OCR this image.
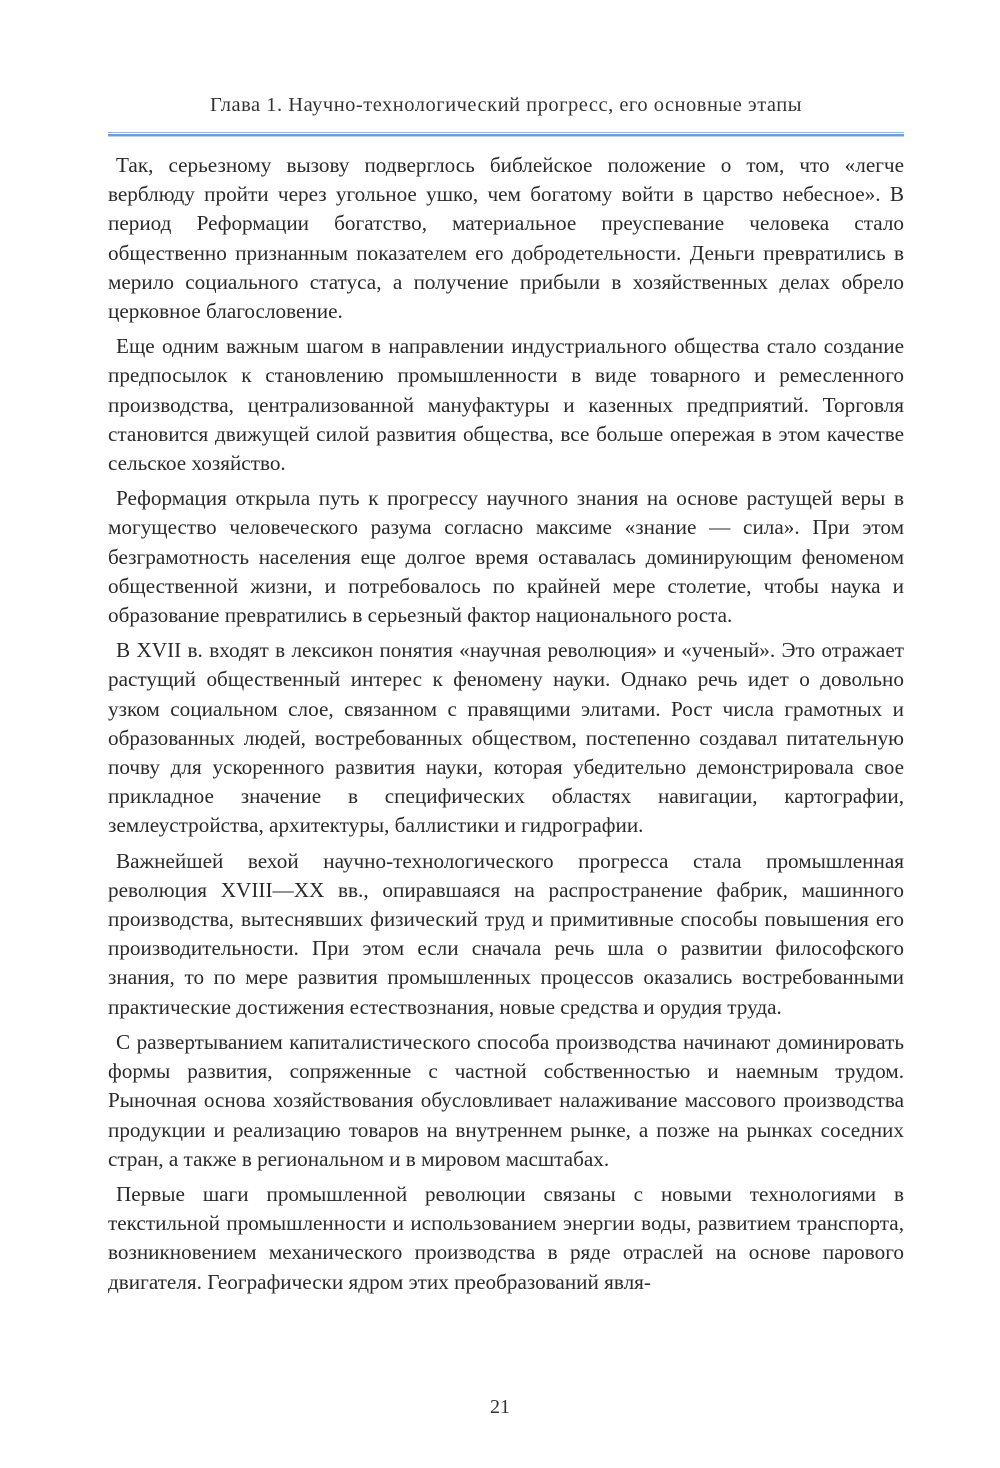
Глава 1. Научно-технологический прогресс, его основные этапы

Так, серьезному вызову подверглось библейское положение о том, что «легче верблюду пройти через угольное ушко, чем богатому войти в царство небесное». В период Реформации богатство, материальное преуспевание человека стало общественно признанным показателем его добродетельности. Деньги превратились в мерило социального статуса, а получение прибыли в хозяйственных делах обрело церковное благословение.

Еще одним важным шагом в направлении индустриального общества стало создание предпосылок к становлению промышленности в виде товарного и ремесленного производства, централизованной мануфактуры и казенных предприятий. Торговля становится движущей силой развития общества, все больше опережая в этом качестве сельское хозяйство.

Реформация открыла путь к прогрессу научного знания на основе растущей веры в могущество человеческого разума согласно максиме «знание — сила». При этом безграмотность населения еще долгое время оставалась доминирующим феноменом общественной жизни, и потребовалось по крайней мере столетие, чтобы наука и образование превратились в серьезный фактор национального роста.

В XVII в. входят в лексикон понятия «научная революция» и «ученый». Это отражает растущий общественный интерес к феномену науки. Однако речь идет о довольно узком социальном слое, связанном с правящими элитами. Рост числа грамотных и образованных людей, востребованных обществом, постепенно создавал питательную почву для ускоренного развития науки, которая убедительно демонстрировала свое прикладное значение в специфических областях навигации, картографии, землеустройства, архитектуры, баллистики и гидрографии.

Важнейшей вехой научно-технологического прогресса стала промышленная революция XVIII—XX вв., опиравшаяся на распространение фабрик, машинного производства, вытеснявших физический труд и примитивные способы повышения его производительности. При этом если сначала речь шла о развитии философского знания, то по мере развития промышленных процессов оказались востребованными практические достижения естествознания, новые средства и орудия труда.

С развертыванием капиталистического способа производства начинают доминировать формы развития, сопряженные с частной собственностью и наемным трудом. Рыночная основа хозяйствования обусловливает налаживание массового производства продукции и реализацию товаров на внутреннем рынке, а позже на рынках соседних стран, а также в региональном и в мировом масштабах.

Первые шаги промышленной революции связаны с новыми технологиями в текстильной промышленности и использованием энергии воды, развитием транспорта, возникновением механического производства в ряде отраслей на основе парового двигателя. Географически ядром этих преобразований явля-

21
